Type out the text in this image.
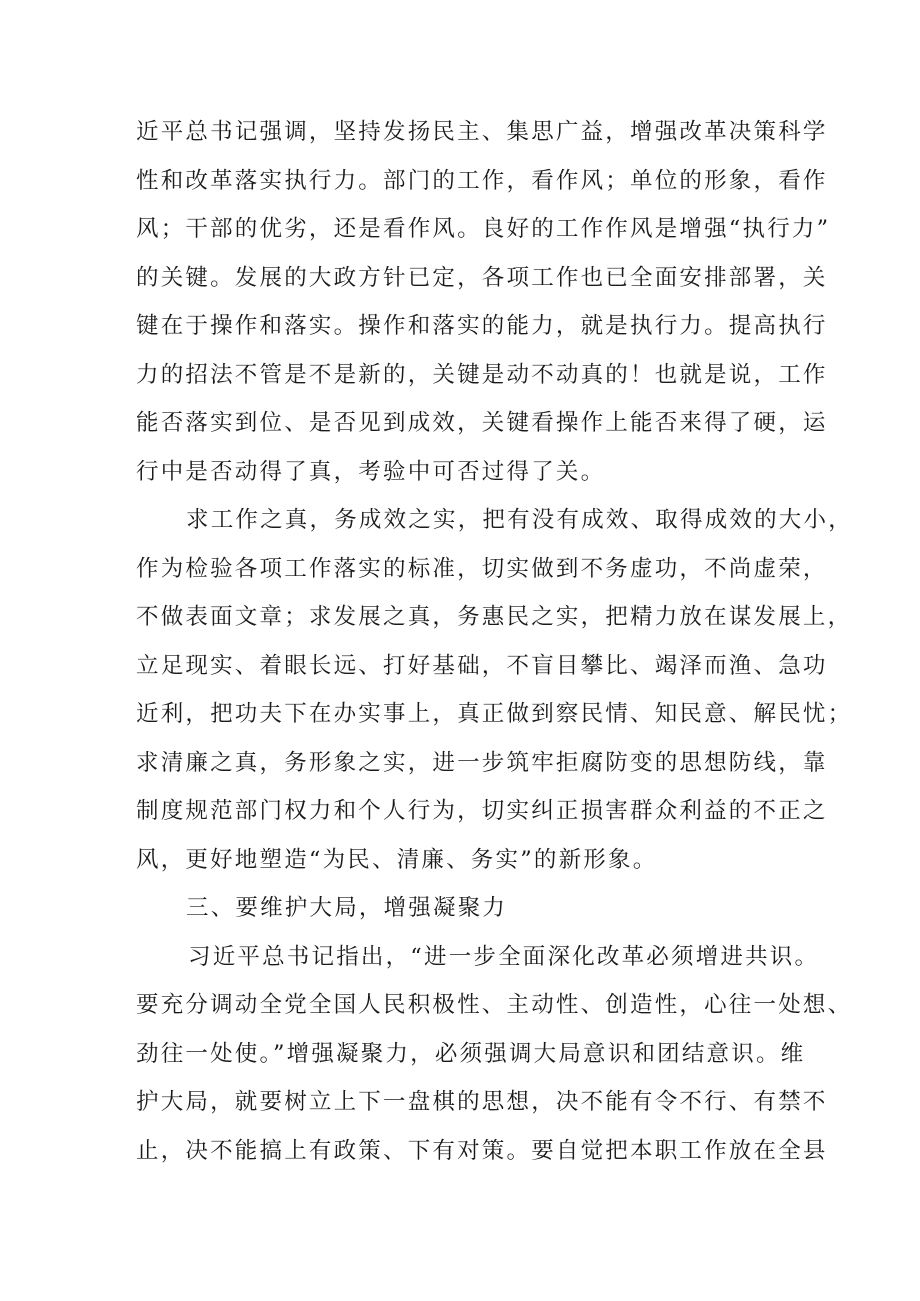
近平总书记强调，坚持发扬民主、集思广益，增强改革决策科学
性和改革落实执行力。部门的工作，看作风；单位的形象，看作
风；干部的优劣，还是看作风。良好的工作作风是增强“执行力”
的关键。发展的大政方针已定，各项工作也已全面安排部署，关
键在于操作和落实。操作和落实的能力，就是执行力。提高执行
力的招法不管是不是新的，关键是动不动真的！也就是说，工作
能否落实到位、是否见到成效，关键看操作上能否来得了硬，运
行中是否动得了真，考验中可否过得了关。
求工作之真，务成效之实，把有没有成效、取得成效的大小，
作为检验各项工作落实的标准，切实做到不务虚功，不尚虚荣，
不做表面文章；求发展之真，务惠民之实，把精力放在谋发展上，
立足现实、着眼长远、打好基础，不盲目攀比、竭泽而渔、急功
近利，把功夫下在办实事上，真正做到察民情、知民意、解民忧；
求清廉之真，务形象之实，进一步筑牢拒腐防变的思想防线，靠
制度规范部门权力和个人行为，切实纠正损害群众利益的不正之
风，更好地塑造“为民、清廉、务实”的新形象。
三、要维护大局，增强凝聚力
习近平总书记指出，“进一步全面深化改革必须增进共识。
要充分调动全党全国人民积极性、主动性、创造性，心往一处想、
劲往一处使。”增强凝聚力，必须强调大局意识和团结意识。维
护大局，就要树立上下一盘棋的思想，决不能有令不行、有禁不
止，决不能搞上有政策、下有对策。要自觉把本职工作放在全县
